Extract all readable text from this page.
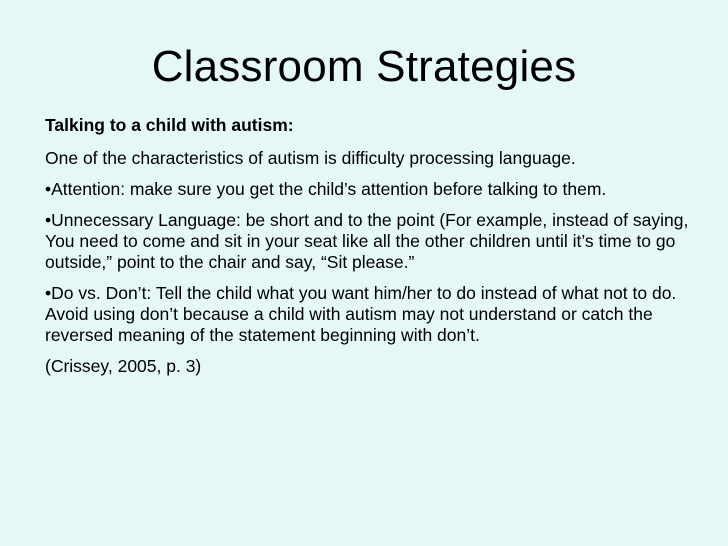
Classroom Strategies

Talking to a child with autism:

One of the characteristics of autism is difficulty processing language.

•Attention: make sure you get the child’s attention before talking to them.

•Unnecessary Language: be short and to the point (For example, instead of saying, You need to come and sit in your seat like all the other children until it’s time to go outside,” point to the chair and say, “Sit please.”

•Do vs. Don’t: Tell the child what you want him/her to do instead of what not to do. Avoid using don’t because a child with autism may not understand or catch the reversed meaning of the statement beginning with don’t.

(Crissey, 2005, p. 3)
